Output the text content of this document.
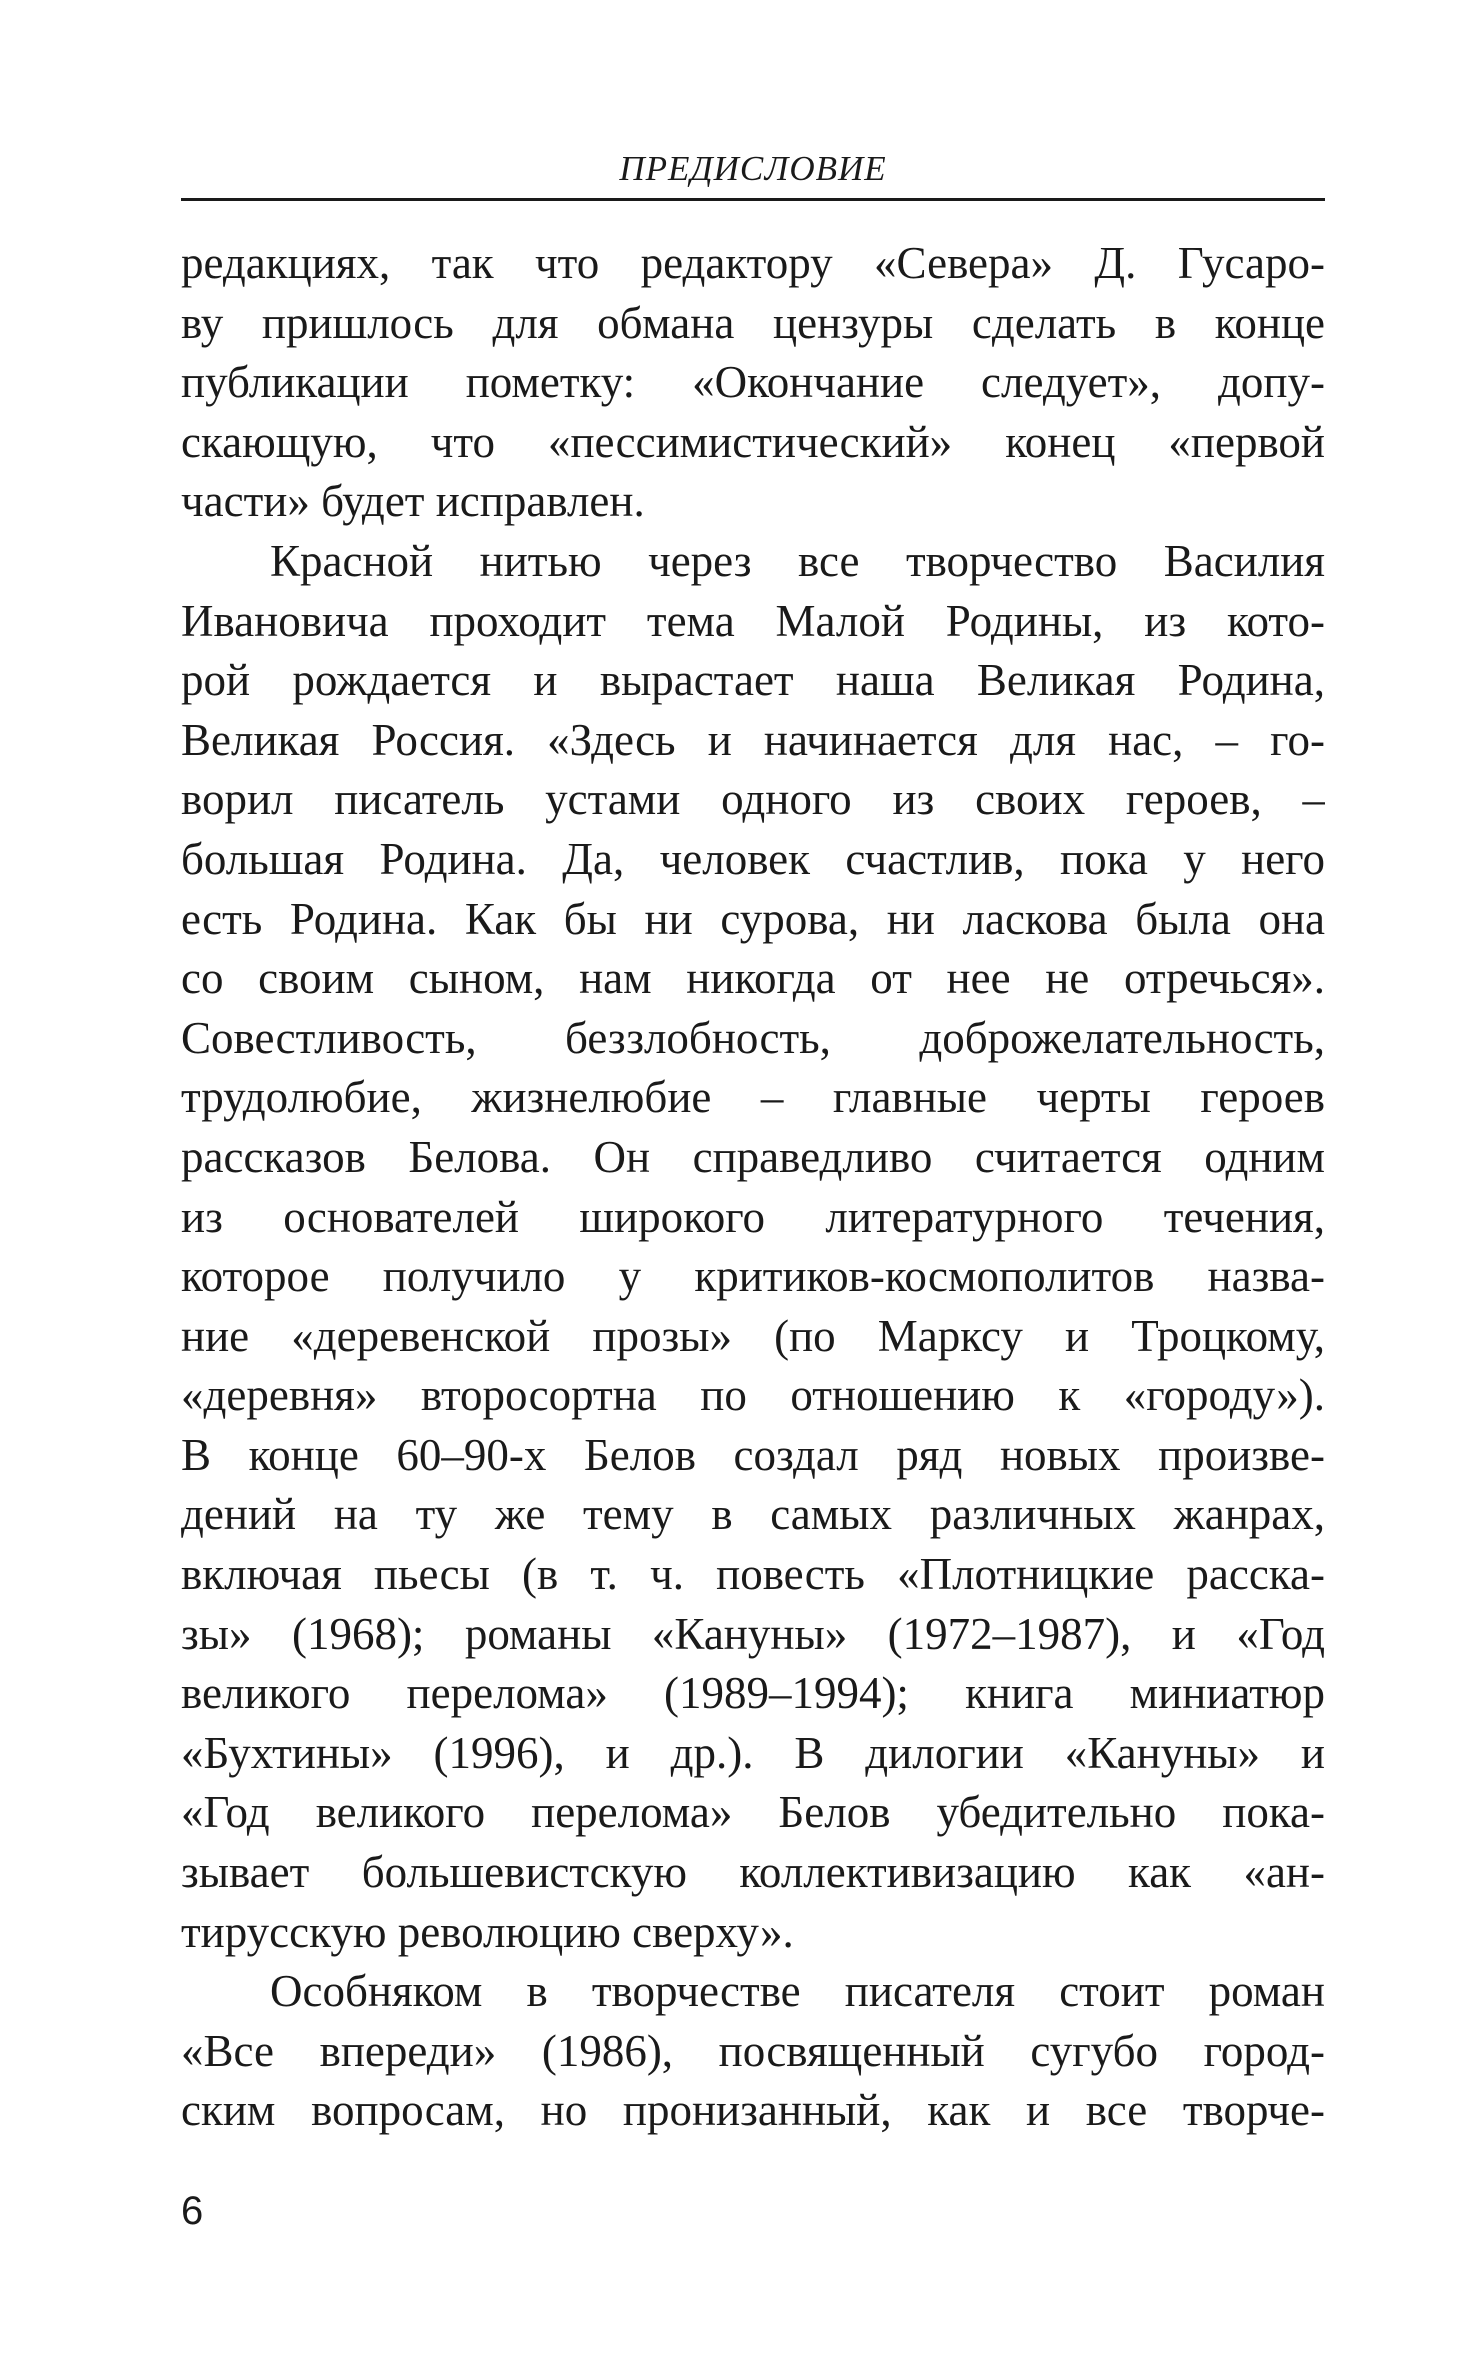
ПРЕДИСЛОВИЕ
редакциях, так что редактору «Севера» Д. Гусаро-
ву пришлось для обмана цензуры сделать в конце
публикации пометку: «Окончание следует», допу-
скающую, что «пессимистический» конец «первой
части» будет исправлен.
Красной нитью через все творчество Василия
Ивановича проходит тема Малой Родины, из кото-
рой рождается и вырастает наша Великая Родина,
Великая Россия. «Здесь и начинается для нас, – го-
ворил писатель устами одного из своих героев, –
большая Родина. Да, человек счастлив, пока у него
есть Родина. Как бы ни сурова, ни ласкова была она
со своим сыном, нам никогда от нее не отречься».
Совестливость, беззлобность, доброжелательность,
трудолюбие, жизнелюбие – главные черты героев
рассказов Белова. Он справедливо считается одним
из основателей широкого литературного течения,
которое получило у критиков-космополитов назва-
ние «деревенской прозы» (по Марксу и Троцкому,
«деревня» второсортна по отношению к «городу»).
В конце 60–90-х Белов создал ряд новых произве-
дений на ту же тему в самых различных жанрах,
включая пьесы (в т. ч. повесть «Плотницкие расска-
зы» (1968); романы «Кануны» (1972–1987), и «Год
великого перелома» (1989–1994); книга миниатюр
«Бухтины» (1996), и др.). В дилогии «Кануны» и
«Год великого перелома» Белов убедительно пока-
зывает большевистскую коллективизацию как «ан-
тирусскую революцию сверху».
Особняком в творчестве писателя стоит роман
«Все впереди» (1986), посвященный сугубо город-
ским вопросам, но пронизанный, как и все творче-
6
